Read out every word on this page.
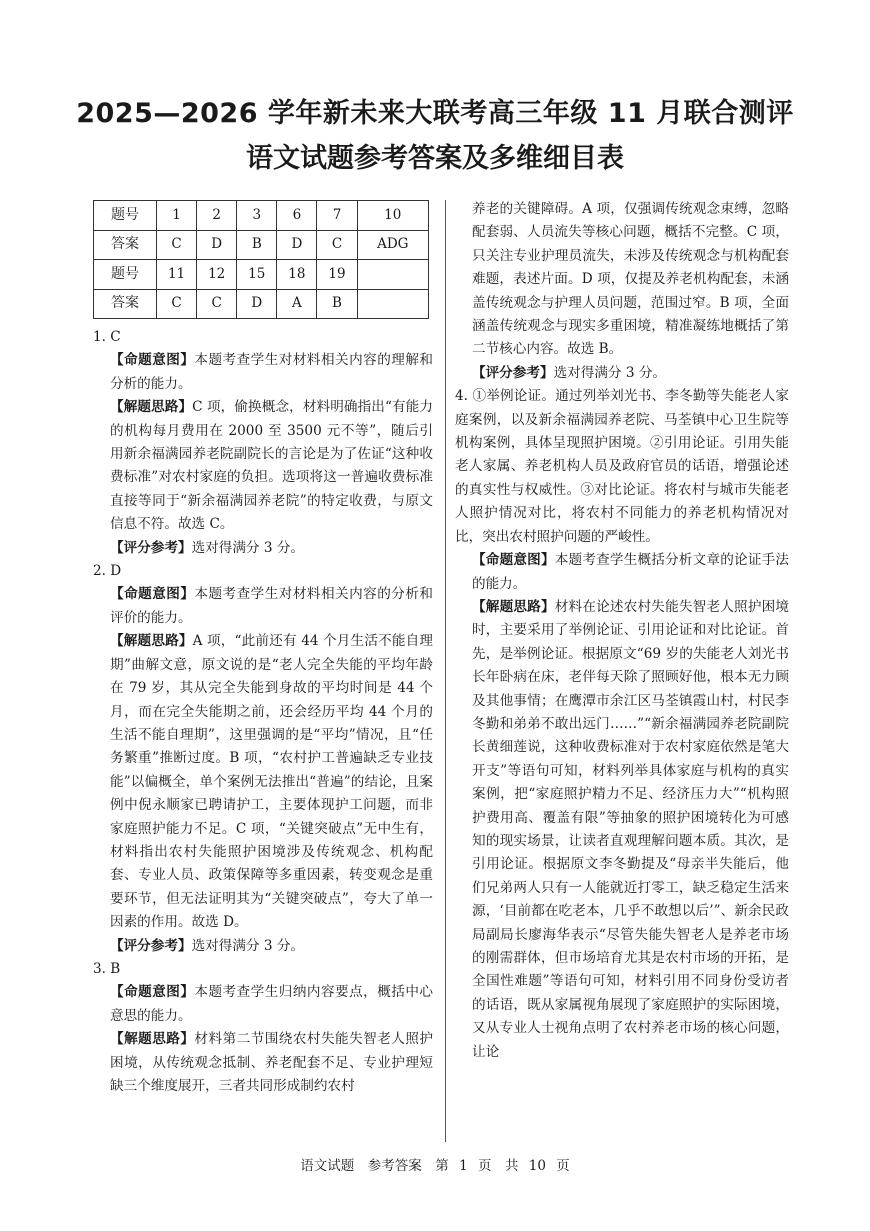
2025—2026 学年新未来大联考高三年级 11 月联合测评
语文试题参考答案及多维细目表
题号	1	2	3	6	7	10
答案	C	D	B	D	C	ADG
题号	11	12	15	18	19	
答案	C	C	D	A	B	
1. C
【命题意图】本题考查学生对材料相关内容的理解和分析的能力。
【解题思路】C 项，偷换概念，材料明确指出“有能力的机构每月费用在 2000 至 3500 元不等”，随后引用新余福满园养老院副院长的言论是为了佐证“这种收费标准”对农村家庭的负担。选项将这一普遍收费标准直接等同于“新余福满园养老院”的特定收费，与原文信息不符。故选 C。
【评分参考】选对得满分 3 分。
2. D
【命题意图】本题考查学生对材料相关内容的分析和评价的能力。
【解题思路】A 项，“此前还有 44 个月生活不能自理期”曲解文意，原文说的是“老人完全失能的平均年龄在 79 岁，其从完全失能到身故的平均时间是 44 个月，而在完全失能期之前，还会经历平均 44 个月的生活不能自理期”，这里强调的是“平均”情况，且“任务繁重”推断过度。B 项，“农村护工普遍缺乏专业技能”以偏概全，单个案例无法推出“普遍”的结论，且案例中倪永顺家已聘请护工，主要体现护工问题，而非家庭照护能力不足。C 项，“关键突破点”无中生有，材料指出农村失能照护困境涉及传统观念、机构配套、专业人员、政策保障等多重因素，转变观念是重要环节，但无法证明其为“关键突破点”，夸大了单一因素的作用。故选 D。
【评分参考】选对得满分 3 分。
3. B
【命题意图】本题考查学生归纳内容要点，概括中心意思的能力。
【解题思路】材料第二节围绕农村失能失智老人照护困境，从传统观念抵制、养老配套不足、专业护理短缺三个维度展开，三者共同形成制约农村
养老的关键障碍。A 项，仅强调传统观念束缚，忽略配套弱、人员流失等核心问题，概括不完整。C 项，只关注专业护理员流失，未涉及传统观念与机构配套难题，表述片面。D 项，仅提及养老机构配套，未涵盖传统观念与护理人员问题，范围过窄。B 项，全面涵盖传统观念与现实多重困境，精准凝练地概括了第二节核心内容。故选 B。
【评分参考】选对得满分 3 分。
4. ①举例论证。通过列举刘光书、李冬勤等失能老人家庭案例，以及新余福满园养老院、马荃镇中心卫生院等机构案例，具体呈现照护困境。②引用论证。引用失能老人家属、养老机构人员及政府官员的话语，增强论述的真实性与权威性。③对比论证。将农村与城市失能老人照护情况对比，将农村不同能力的养老机构情况对比，突出农村照护问题的严峻性。
【命题意图】本题考查学生概括分析文章的论证手法的能力。
【解题思路】材料在论述农村失能失智老人照护困境时，主要采用了举例论证、引用论证和对比论证。首先，是举例论证。根据原文“69 岁的失能老人刘光书长年卧病在床，老伴每天除了照顾好他，根本无力顾及其他事情；在鹰潭市余江区马荃镇霞山村，村民李冬勤和弟弟不敢出远门……”“新余福满园养老院副院长黄细莲说，这种收费标准对于农村家庭依然是笔大开支”等语句可知，材料列举具体家庭与机构的真实案例，把“家庭照护精力不足、经济压力大”“机构照护费用高、覆盖有限”等抽象的照护困境转化为可感知的现实场景，让读者直观理解问题本质。其次，是引用论证。根据原文李冬勤提及“母亲半失能后，他们兄弟两人只有一人能就近打零工，缺乏稳定生活来源，‘目前都在吃老本，几乎不敢想以后’”、新余民政局副局长廖海华表示“尽管失能失智老人是养老市场的刚需群体，但市场培育尤其是农村市场的开拓，是全国性难题”等语句可知，材料引用不同身份受访者的话语，既从家属视角展现了家庭照护的实际困境，又从专业人士视角点明了农村养老市场的核心问题，让论
语文试题　参考答案　第 1 页　共 10 页
